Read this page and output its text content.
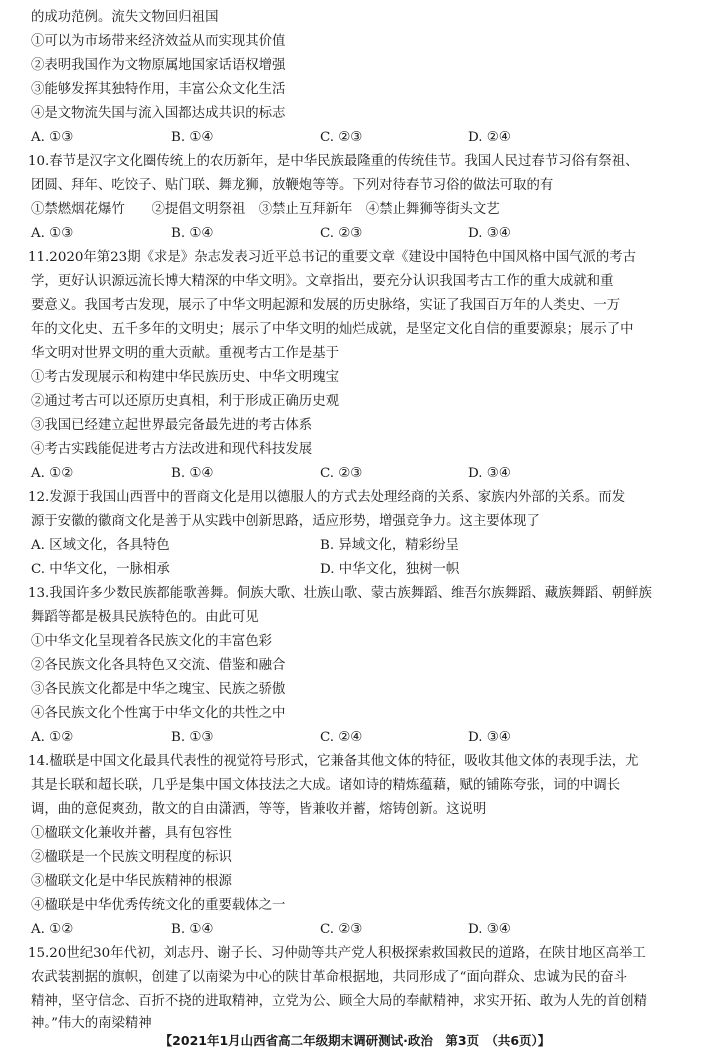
的成功范例。流失文物回归祖国
①可以为市场带来经济效益从而实现其价值
②表明我国作为文物原属地国家话语权增强
③能够发挥其独特作用，丰富公众文化生活
④是文物流失国与流入国都达成共识的标志
A. ①③	B. ①④	C. ②③	D. ②④
10.春节是汉字文化圈传统上的农历新年，是中华民族最隆重的传统佳节。我国人民过春节习俗有祭祖、
团圆、拜年、吃饺子、贴门联、舞龙狮，放鞭炮等等。下列对待春节习俗的做法可取的有
①禁燃烟花爆竹　　②提倡文明祭祖　③禁止互拜新年　④禁止舞狮等街头文艺
A. ①③	B. ①④	C. ②③	D. ③④
11.2020年第23期《求是》杂志发表习近平总书记的重要文章《建设中国特色中国风格中国气派的考古
学，更好认识源远流长博大精深的中华文明》。文章指出，要充分认识我国考古工作的重大成就和重
要意义。我国考古发现，展示了中华文明起源和发展的历史脉络，实证了我国百万年的人类史、一万
年的文化史、五千多年的文明史；展示了中华文明的灿烂成就，是坚定文化自信的重要源泉；展示了中
华文明对世界文明的重大贡献。重视考古工作是基于
①考古发现展示和构建中华民族历史、中华文明瑰宝
②通过考古可以还原历史真相，利于形成正确历史观
③我国已经建立起世界最完备最先进的考古体系
④考古实践能促进考古方法改进和现代科技发展
A. ①②	B. ①④	C. ②③	D. ③④
12.发源于我国山西晋中的晋商文化是用以德服人的方式去处理经商的关系、家族内外部的关系。而发
源于安徽的徽商文化是善于从实践中创新思路，适应形势，增强竞争力。这主要体现了
A. 区域文化，各具特色	B. 异域文化，精彩纷呈
C. 中华文化，一脉相承	D. 中华文化，独树一帜
13.我国许多少数民族都能歌善舞。侗族大歌、壮族山歌、蒙古族舞蹈、维吾尔族舞蹈、藏族舞蹈、朝鲜族
舞蹈等都是极具民族特色的。由此可见
①中华文化呈现着各民族文化的丰富色彩
②各民族文化各具特色又交流、借鉴和融合
③各民族文化都是中华之瑰宝、民族之骄傲
④各民族文化个性寓于中华文化的共性之中
A. ①②	B. ①③	C. ②④	D. ③④
14.楹联是中国文化最具代表性的视觉符号形式，它兼备其他文体的特征，吸收其他文体的表现手法，尤
其是长联和超长联，几乎是集中国文体技法之大成。诸如诗的精炼蕴藉，赋的铺陈夸张，词的中调长
调，曲的意促爽劲，散文的自由潇洒，等等，皆兼收并蓄，熔铸创新。这说明
①楹联文化兼收并蓄，具有包容性
②楹联是一个民族文明程度的标识
③楹联文化是中华民族精神的根源
④楹联是中华优秀传统文化的重要载体之一
A. ①②	B. ①④	C. ②③	D. ③④
15.20世纪30年代初，刘志丹、谢子长、习仲勋等共产党人积极探索救国救民的道路，在陕甘地区高举工
农武装割据的旗帜，创建了以南梁为中心的陕甘革命根据地，共同形成了“面向群众、忠诚为民的奋斗
精神，坚守信念、百折不挠的进取精神，立党为公、顾全大局的奉献精神，求实开拓、敢为人先的首创精
神。”伟大的南梁精神
【2021年1月山西省高二年级期末调研测试·政治　第3页　（共6页）】
